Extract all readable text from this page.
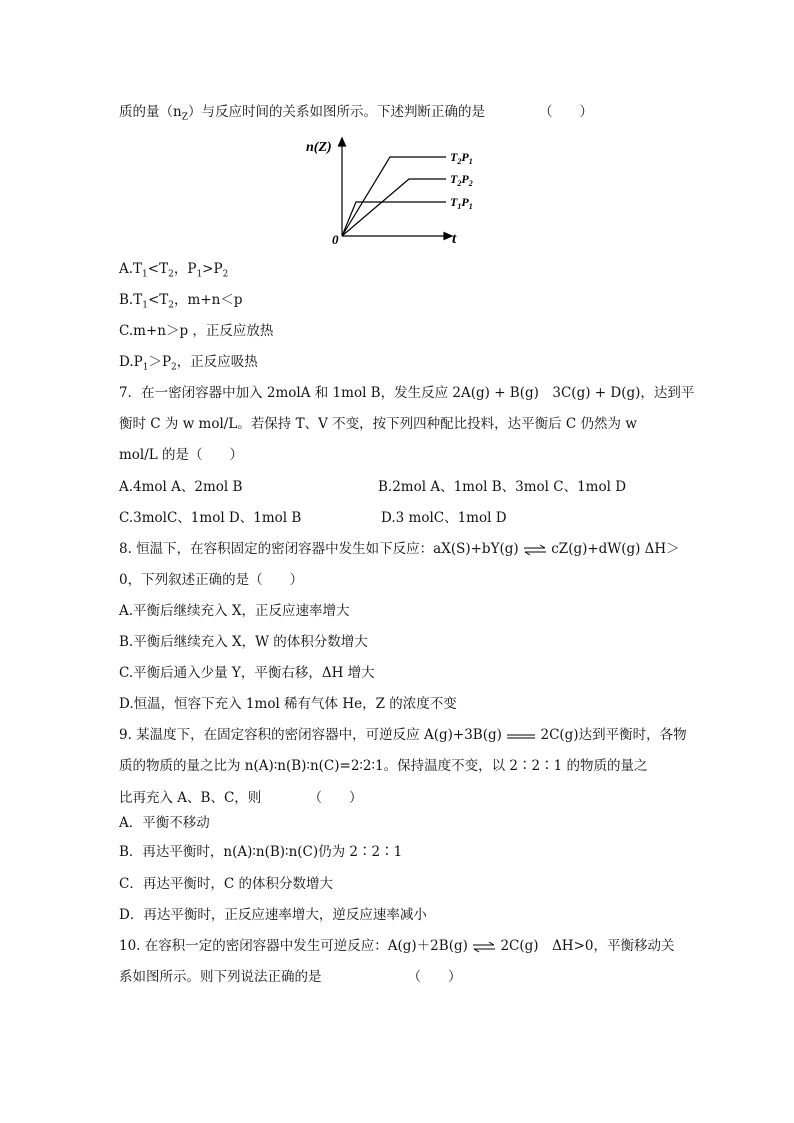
质的量$(n_Z)$与反应时间的关系如图所示。下述判断正确的是	（　　）
n(Z)
t
0
$T_2P_1$
$T_2P_2$
$T_1P_1$
$A.T_1<T_2$，$P_1>P_2$
$B.T_1<T_2$，m+n＜p
C.m+n＞p ，正反应放热
$D.P_1>P_2$，正反应吸热
7．在一密闭容器中加入 2molA 和 1mol B，发生反应 2A(g) + B(g)　3C(g) + D(g)，达到平
衡时 C 为 w mol/L。若保持 T、V 不变，按下列四种配比投料，达平衡后 C 仍然为 w
mol/L 的是（　　）
A.4mol A、2mol B	B.2mol A、1mol B、3mol C、1mol D
C.3molC、1mol D、1mol B	D.3 molC、1mol D
8. 恒温下，在容积固定的密闭容器中发生如下反应：aX(S)+bY(g) ⇌ cZ(g)+dW(g) ΔH＞
0，下列叙述正确的是（　　）
A.平衡后继续充入 X，正反应速率增大
B.平衡后继续充入 X，W 的体积分数增大
C.平衡后通入少量 Y，平衡右移，ΔH 增大
D.恒温，恒容下充入 1mol 稀有气体 He，Z 的浓度不变
9. 某温度下，在固定容积的密闭容器中，可逆反应 A(g)+3B(g)	2C(g)达到平衡时，各物
质的物质的量之比为 n(A)∶n(B)∶n(C)=2∶2∶1。保持温度不变，以 2∶2∶1 的物质的量之
比再充入 A、B、C，则　　　　（　　）
A．平衡不移动
B．再达平衡时，n(A)∶n(B)∶n(C)仍为 2∶2∶1
C．再达平衡时，C 的体积分数增大
D．再达平衡时，正反应速率增大，逆反应速率减小
10. 在容积一定的密闭容器中发生可逆反应：A(g)＋2B(g) ⇌ 2C(g)　ΔH>0，平衡移动关
系如图所示。则下列说法正确的是	（　　）
